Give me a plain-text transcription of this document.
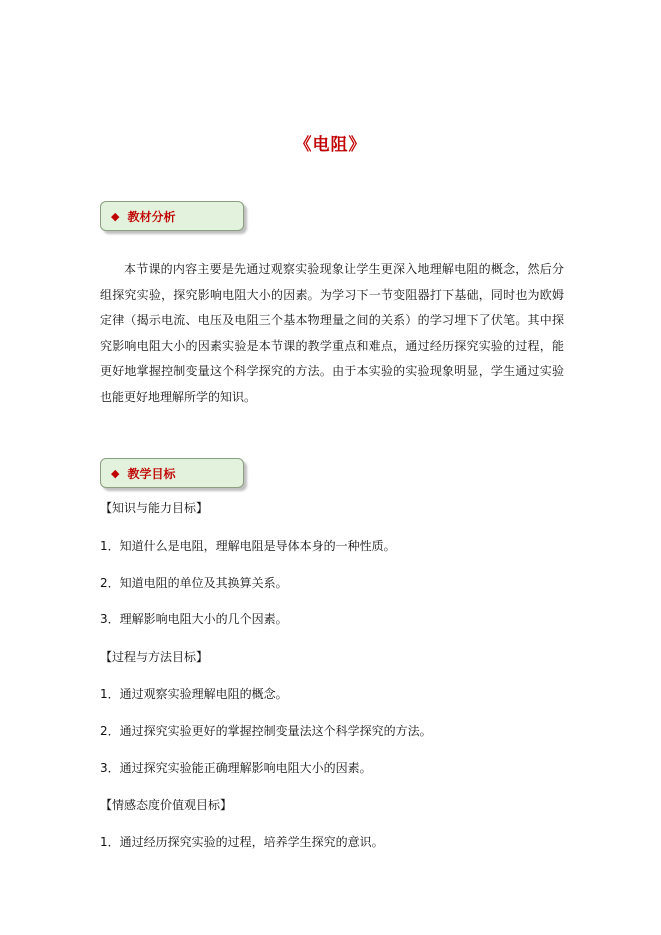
《电阻》
◆ 教材分析

本节课的内容主要是先通过观察实验现象让学生更深入地理解电阻的概念，然后分组探究实验，探究影响电阻大小的因素。为学习下一节变阻器打下基础，同时也为欧姆定律（揭示电流、电压及电阻三个基本物理量之间的关系）的学习埋下了伏笔。其中探究影响电阻大小的因素实验是本节课的教学重点和难点，通过经历探究实验的过程，能更好地掌握控制变量这个科学探究的方法。由于本实验的实验现象明显，学生通过实验也能更好地理解所学的知识。

◆ 教学目标

【知识与能力目标】

1．知道什么是电阻，理解电阻是导体本身的一种性质。

2．知道电阻的单位及其换算关系。

3．理解影响电阻大小的几个因素。

【过程与方法目标】

1．通过观察实验理解电阻的概念。

2．通过探究实验更好的掌握控制变量法这个科学探究的方法。

3．通过探究实验能正确理解影响电阻大小的因素。

【情感态度价值观目标】

1．通过经历探究实验的过程，培养学生探究的意识。
